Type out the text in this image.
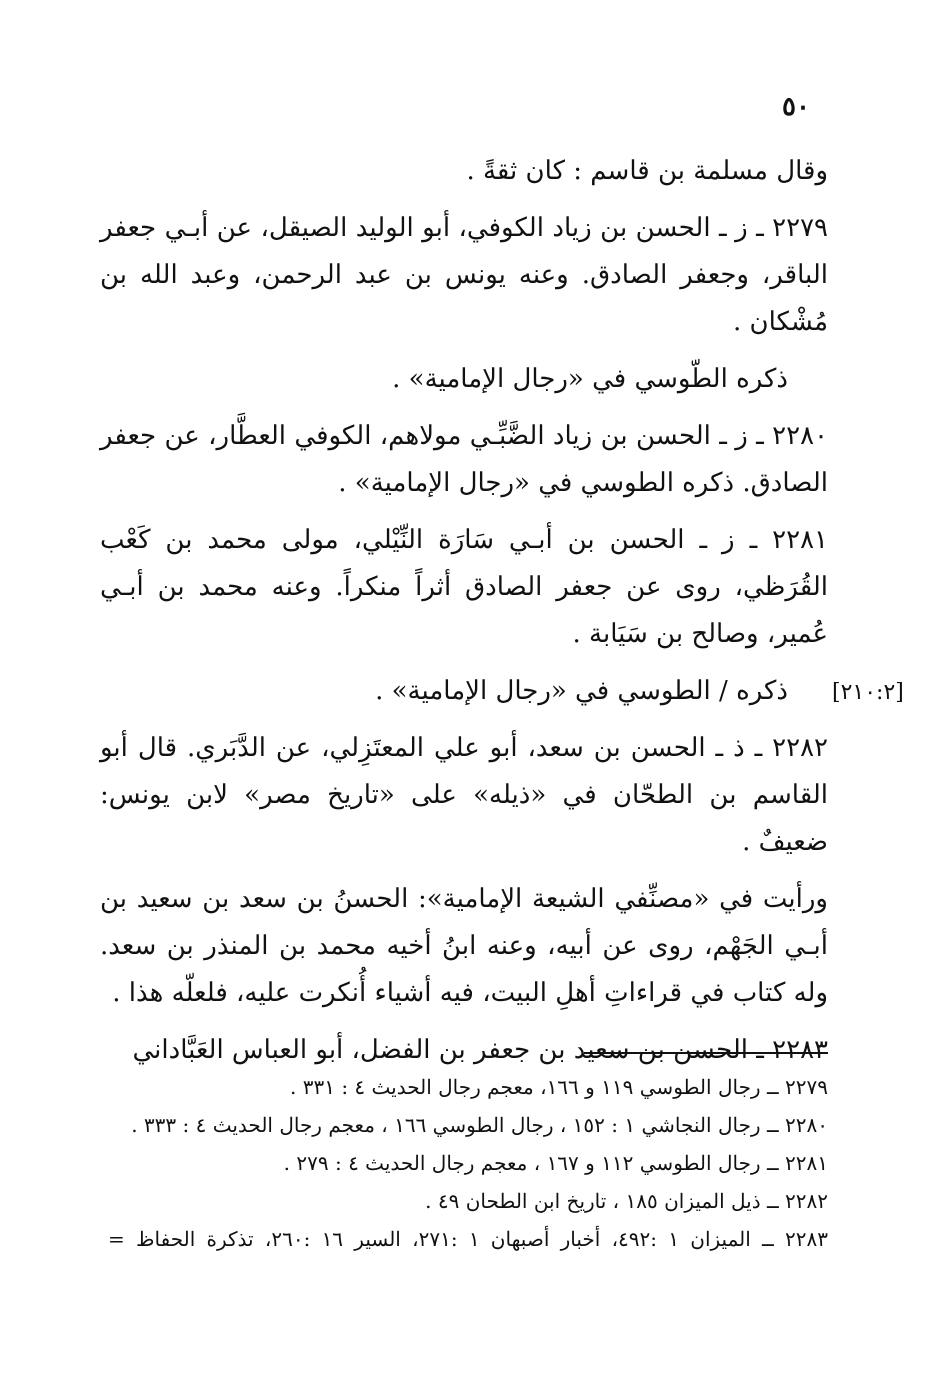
٥٠
[٢١٠:٢]

وقال مسلمة بن قاسم : كان ثقةً .

٢٢٧٩ ـ ز ـ الحسن بن زياد الكوفي، أبو الوليد الصيقل، عن أبـي جعفر الباقر، وجعفر الصادق. وعنه يونس بن عبد الرحمن، وعبد الله بن مُشْكان .

ذكره الطّوسي في «رجال الإمامية» .

٢٢٨٠ ـ ز ـ الحسن بن زياد الضَّبِّـي مولاهم، الكوفي العطَّار، عن جعفر الصادق. ذكره الطوسي في «رجال الإمامية» .

٢٢٨١ ـ ز ـ الحسن بن أبـي سَارَة النِّيْلي، مولى محمد بن كَعْب القُرَظي، روى عن جعفر الصادق أثراً منكراً. وعنه محمد بن أبـي عُمير، وصالح بن سَيَابة .

ذكره / الطوسي في «رجال الإمامية» .

٢٢٨٢ ـ ذ ـ الحسن بن سعد، أبو علي المعتَزِلي، عن الدَّبَري. قال أبو القاسم بن الطحّان في «ذيله» على «تاريخ مصر» لابن يونس: ضعيفٌ .

ورأيت في «مصنِّفي الشيعة الإمامية»: الحسنُ بن سعد بن سعيد بن أبـي الجَهْم، روى عن أبيه، وعنه ابنُ أخيه محمد بن المنذر بن سعد. وله كتاب في قراءاتِ أهلِ البيت، فيه أشياء أُنكرت عليه، فلعلّه هذا .

٢٢٨٣ ـ الحسن بن سعيد بن جعفر بن الفضل، أبو العباس العَبَّاداني

٢٢٧٩ ــ رجال الطوسي ١١٩ و ١٦٦، معجم رجال الحديث ٤ : ٣٣١ .

٢٢٨٠ ــ رجال النجاشي ١ : ١٥٢ ، رجال الطوسي ١٦٦ ، معجم رجال الحديث ٤ : ٣٣٣ .

٢٢٨١ ــ رجال الطوسي ١١٢ و ١٦٧ ، معجم رجال الحديث ٤ : ٢٧٩ .

٢٢٨٢ ــ ذيل الميزان ١٨٥ ، تاريخ ابن الطحان ٤٩ .

٢٢٨٣ ــ الميزان ١ :٤٩٢، أخبار أصبهان ١ :٢٧١، السير ١٦ :٢٦٠، تذكرة الحفاظ =
